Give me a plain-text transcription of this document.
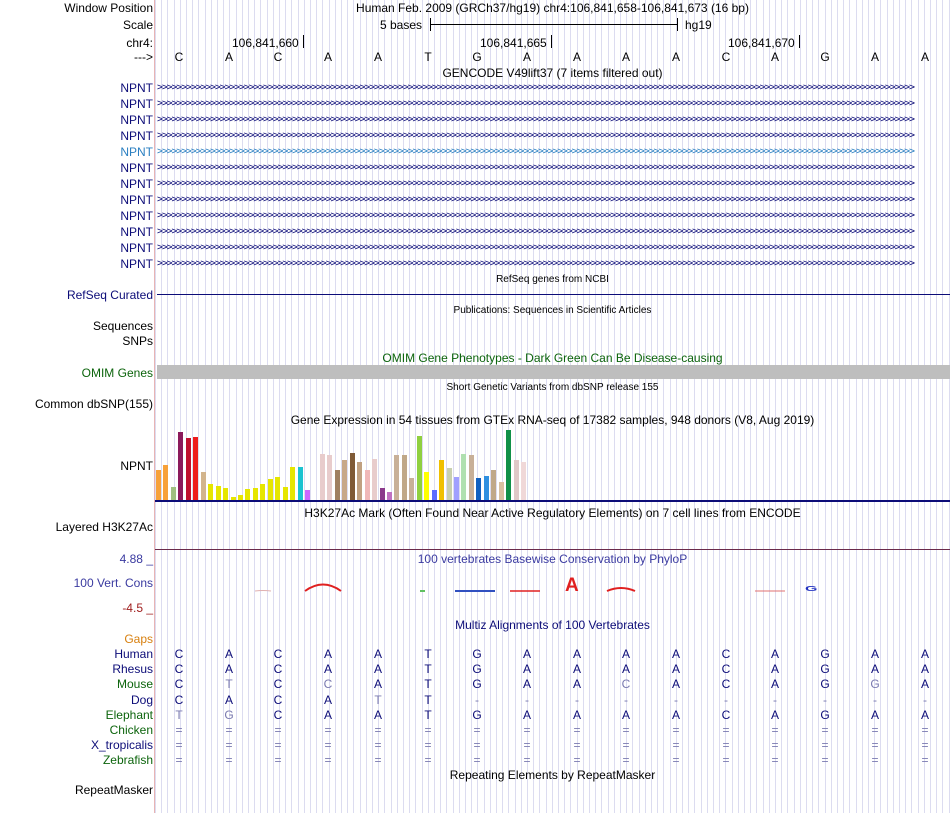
Window Position	Human Feb. 2009 (GRCh37/hg19) chr4:106,841,658-106,841,673 (16 bp)
Scale	5 bases	hg19
chr4:	106,841,660	106,841,665	106,841,670
---> C	A	C	A	A	T	G	A	A	A	A	C	A	G	A	A
GENCODE V49lift37 (7 items filtered out)
NPNT >>>>>>>>>>>>>>>>>>>>>>>>>>>>>>>>>>>>>>>>>>>>>>>>>>>>>>>>>>>>>>>>>>>>>>>>>>>>>>>>>>>>>>>>>>>>>>>>>>>>>>>>>>>>>>>>>>>>>>>>>>>>>>>>>>>>>>>>>>>>>>>>>>>>>>>>>>>>>
NPNT >>>>>>>>>>>>>>>>>>>>>>>>>>>>>>>>>>>>>>>>>>>>>>>>>>>>>>>>>>>>>>>>>>>>>>>>>>>>>>>>>>>>>>>>>>>>>>>>>>>>>>>>>>>>>>>>>>>>>>>>>>>>>>>>>>>>>>>>>>>>>>>>>>>>>>>>>>>>>
NPNT >>>>>>>>>>>>>>>>>>>>>>>>>>>>>>>>>>>>>>>>>>>>>>>>>>>>>>>>>>>>>>>>>>>>>>>>>>>>>>>>>>>>>>>>>>>>>>>>>>>>>>>>>>>>>>>>>>>>>>>>>>>>>>>>>>>>>>>>>>>>>>>>>>>>>>>>>>>>>
NPNT >>>>>>>>>>>>>>>>>>>>>>>>>>>>>>>>>>>>>>>>>>>>>>>>>>>>>>>>>>>>>>>>>>>>>>>>>>>>>>>>>>>>>>>>>>>>>>>>>>>>>>>>>>>>>>>>>>>>>>>>>>>>>>>>>>>>>>>>>>>>>>>>>>>>>>>>>>>>>
NPNT >>>>>>>>>>>>>>>>>>>>>>>>>>>>>>>>>>>>>>>>>>>>>>>>>>>>>>>>>>>>>>>>>>>>>>>>>>>>>>>>>>>>>>>>>>>>>>>>>>>>>>>>>>>>>>>>>>>>>>>>>>>>>>>>>>>>>>>>>>>>>>>>>>>>>>>>>>>>>
NPNT >>>>>>>>>>>>>>>>>>>>>>>>>>>>>>>>>>>>>>>>>>>>>>>>>>>>>>>>>>>>>>>>>>>>>>>>>>>>>>>>>>>>>>>>>>>>>>>>>>>>>>>>>>>>>>>>>>>>>>>>>>>>>>>>>>>>>>>>>>>>>>>>>>>>>>>>>>>>>
NPNT >>>>>>>>>>>>>>>>>>>>>>>>>>>>>>>>>>>>>>>>>>>>>>>>>>>>>>>>>>>>>>>>>>>>>>>>>>>>>>>>>>>>>>>>>>>>>>>>>>>>>>>>>>>>>>>>>>>>>>>>>>>>>>>>>>>>>>>>>>>>>>>>>>>>>>>>>>>>>
NPNT >>>>>>>>>>>>>>>>>>>>>>>>>>>>>>>>>>>>>>>>>>>>>>>>>>>>>>>>>>>>>>>>>>>>>>>>>>>>>>>>>>>>>>>>>>>>>>>>>>>>>>>>>>>>>>>>>>>>>>>>>>>>>>>>>>>>>>>>>>>>>>>>>>>>>>>>>>>>>
NPNT >>>>>>>>>>>>>>>>>>>>>>>>>>>>>>>>>>>>>>>>>>>>>>>>>>>>>>>>>>>>>>>>>>>>>>>>>>>>>>>>>>>>>>>>>>>>>>>>>>>>>>>>>>>>>>>>>>>>>>>>>>>>>>>>>>>>>>>>>>>>>>>>>>>>>>>>>>>>>
NPNT >>>>>>>>>>>>>>>>>>>>>>>>>>>>>>>>>>>>>>>>>>>>>>>>>>>>>>>>>>>>>>>>>>>>>>>>>>>>>>>>>>>>>>>>>>>>>>>>>>>>>>>>>>>>>>>>>>>>>>>>>>>>>>>>>>>>>>>>>>>>>>>>>>>>>>>>>>>>>
NPNT >>>>>>>>>>>>>>>>>>>>>>>>>>>>>>>>>>>>>>>>>>>>>>>>>>>>>>>>>>>>>>>>>>>>>>>>>>>>>>>>>>>>>>>>>>>>>>>>>>>>>>>>>>>>>>>>>>>>>>>>>>>>>>>>>>>>>>>>>>>>>>>>>>>>>>>>>>>>>
NPNT >>>>>>>>>>>>>>>>>>>>>>>>>>>>>>>>>>>>>>>>>>>>>>>>>>>>>>>>>>>>>>>>>>>>>>>>>>>>>>>>>>>>>>>>>>>>>>>>>>>>>>>>>>>>>>>>>>>>>>>>>>>>>>>>>>>>>>>>>>>>>>>>>>>>>>>>>>>>>
RefSeq genes from NCBI
RefSeq Curated
Publications: Sequences in Scientific Articles
Sequences
SNPs
OMIM Gene Phenotypes - Dark Green Can Be Disease-causing
OMIM Genes
Short Genetic Variants from dbSNP release 155
Common dbSNP(155)
Gene Expression in 54 tissues from GTEx RNA-seq of 17382 samples, 948 donors (V8, Aug 2019)
NPNT
H3K27Ac Mark (Often Found Near Active Regulatory Elements) on 7 cell lines from ENCODE
Layered H3K27Ac
100 vertebrates Basewise Conservation by PhyloP
4.88 _
100 Vert. Cons
-4.5 _
A	G
Multiz Alignments of 100 Vertebrates
Gaps
Human C	A	C	A	A	T	G	A	A	A	A	C	A	G	A	A
Rhesus C	A	C	A	A	T	G	A	A	A	A	C	A	G	A	A
Mouse C	T	C	C	A	T	G	A	A	C	A	C	A	G	G	A
Dog C	A	C	A	T	T	-	-	-	-	-	-	-	-	-	-
Elephant T	G	C	A	A	T	G	A	A	A	A	C	A	G	A	A
Chicken =	=	=	=	=	=	=	=	=	=	=	=	=	=	=	=
X_tropicalis =	=	=	=	=	=	=	=	=	=	=	=	=	=	=	=
Zebrafish =	=	=	=	=	=	=	=	=	=	=	=	=	=	=	=
Repeating Elements by RepeatMasker
RepeatMasker
